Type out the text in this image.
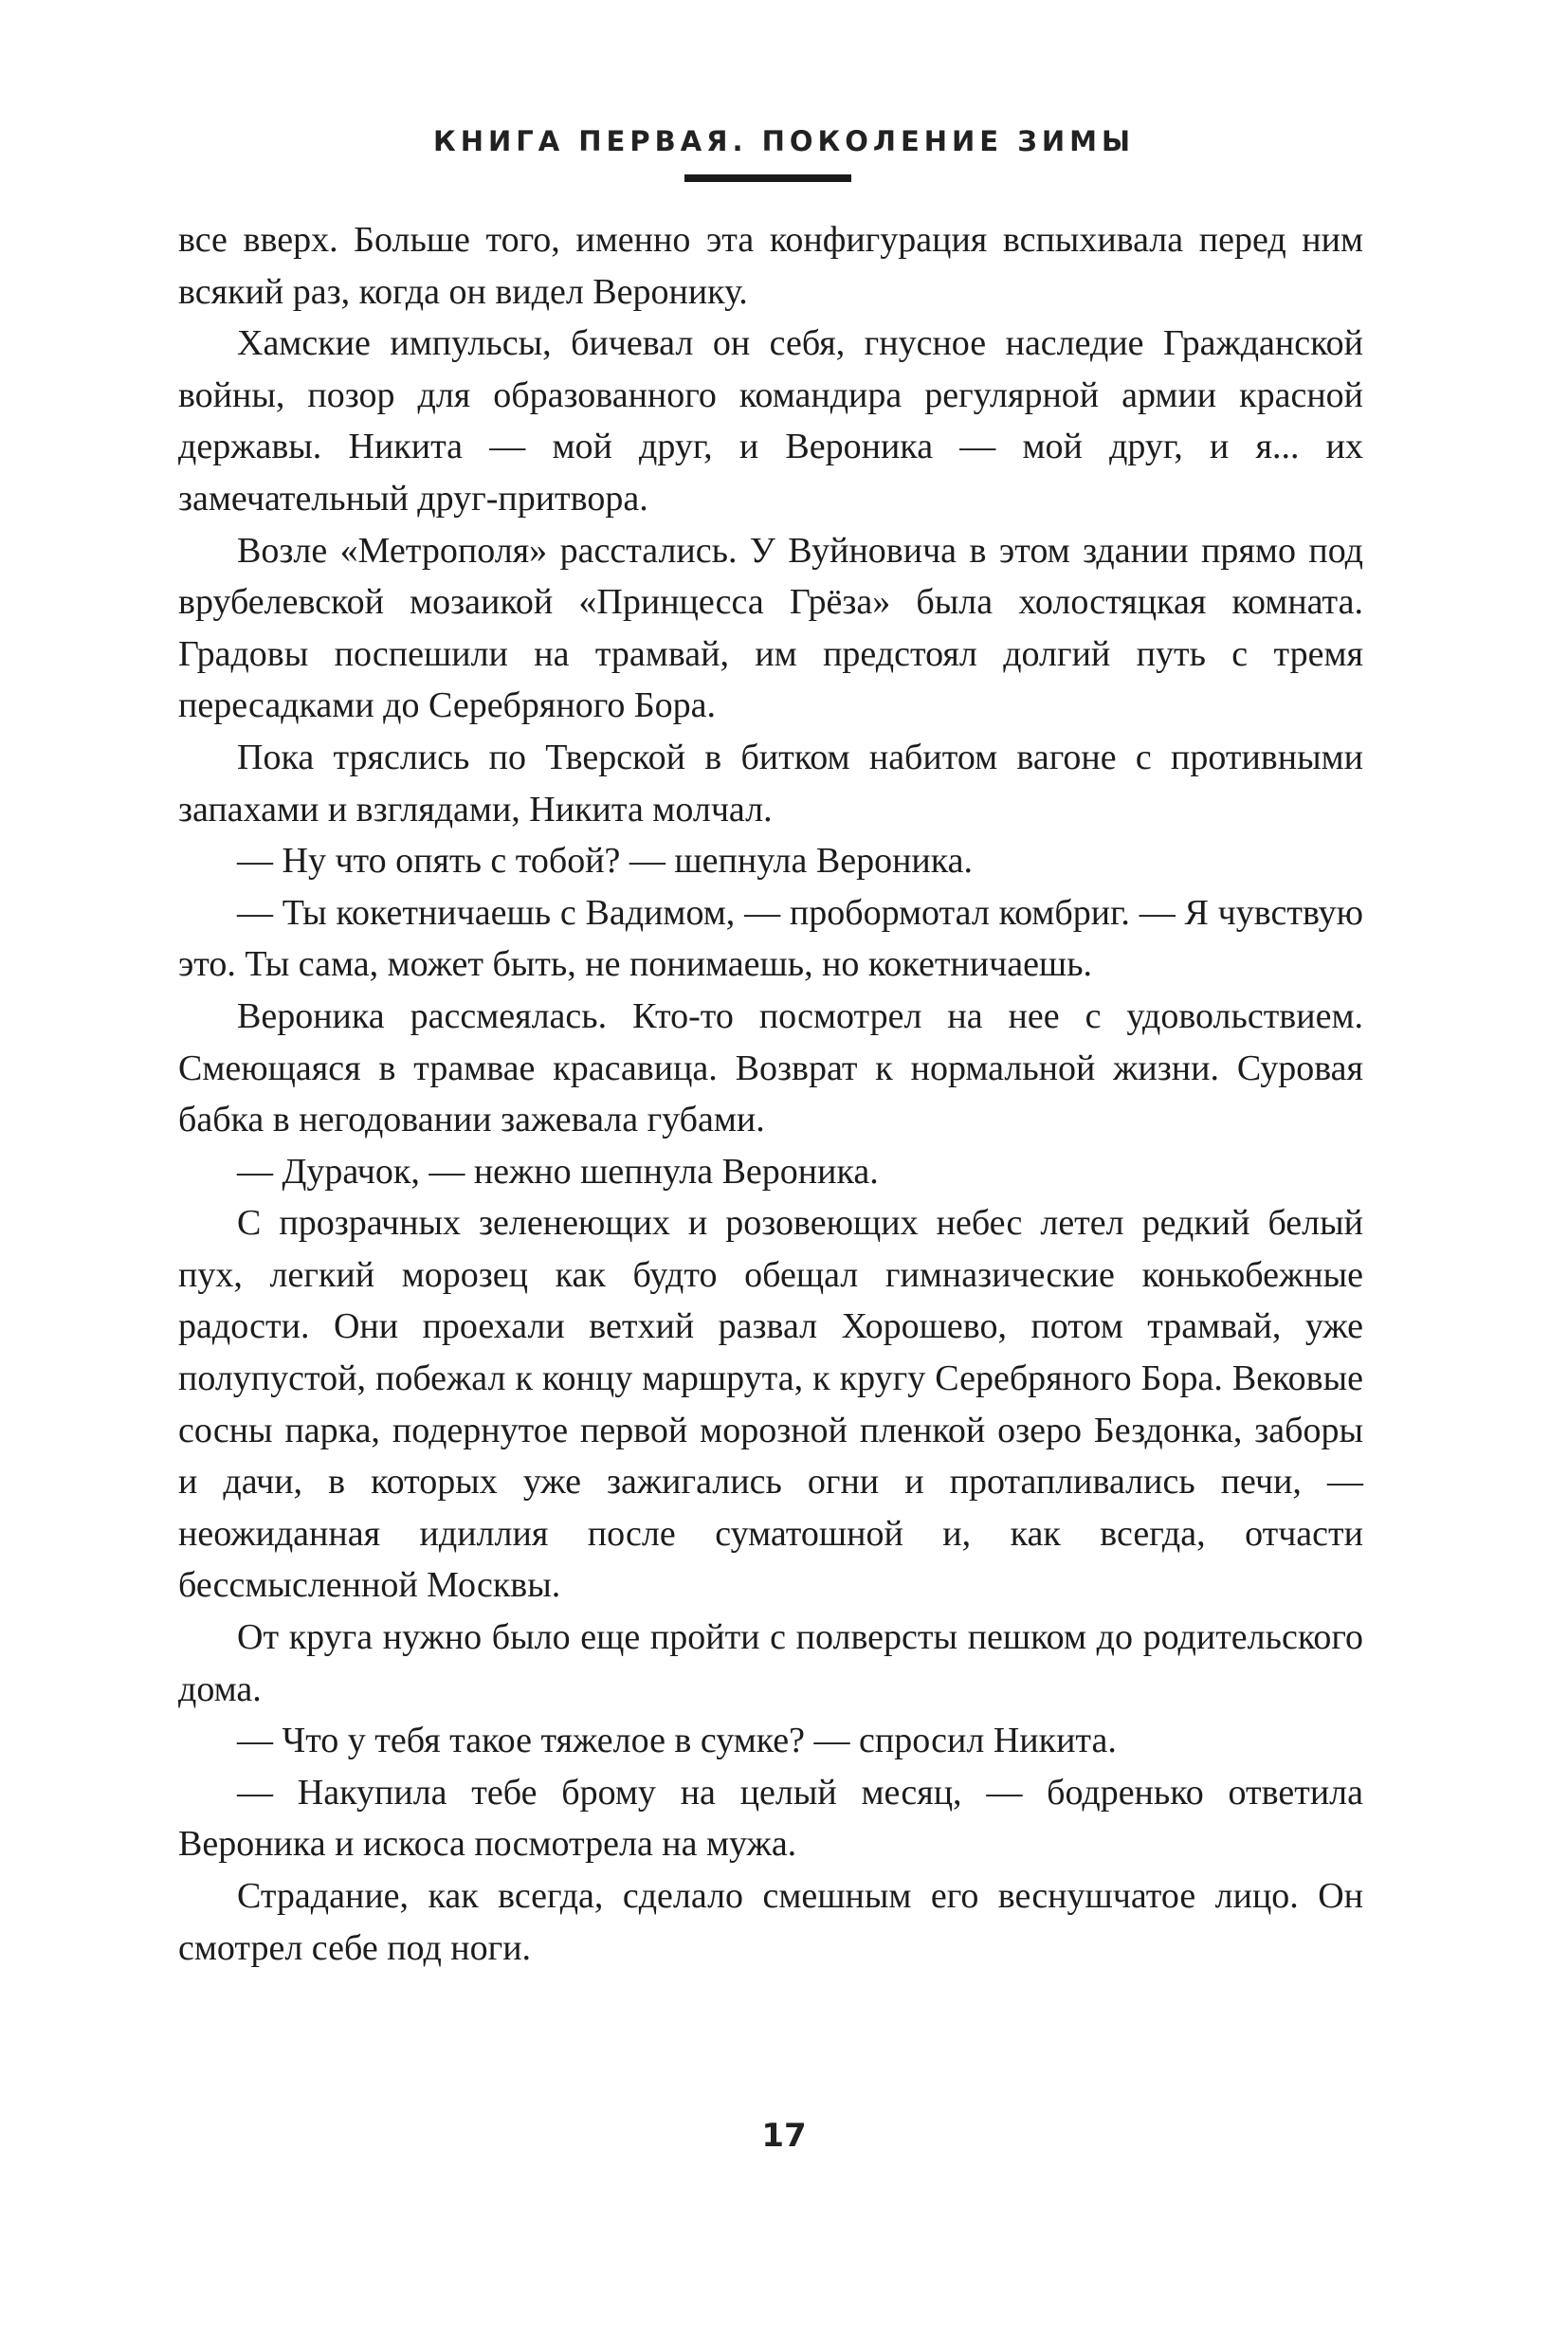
КНИГА ПЕРВАЯ. ПОКОЛЕНИЕ ЗИМЫ

все вверх. Больше того, именно эта конфигурация вспыхивала перед ним всякий раз, когда он видел Веронику.

Хамские импульсы, бичевал он себя, гнусное наследие Гражданской войны, позор для образованного командира регулярной армии красной державы. Никита — мой друг, и Вероника — мой друг, и я... их замечательный друг-притвора.

Возле «Метрополя» расстались. У Вуйновича в этом здании прямо под врубелевской мозаикой «Принцесса Грёза» была холостяцкая комната. Градовы поспешили на трамвай, им предстоял долгий путь с тремя пересадками до Серебряного Бора.

Пока тряслись по Тверской в битком набитом вагоне с противными запахами и взглядами, Никита молчал.

— Ну что опять с тобой? — шепнула Вероника.

— Ты кокетничаешь с Вадимом, — пробормотал комбриг. — Я чувствую это. Ты сама, может быть, не понимаешь, но кокетничаешь.

Вероника рассмеялась. Кто-то посмотрел на нее с удовольствием. Смеющаяся в трамвае красавица. Возврат к нормальной жизни. Суровая бабка в негодовании зажевала губами.

— Дурачок, — нежно шепнула Вероника.

С прозрачных зеленеющих и розовеющих небес летел редкий белый пух, легкий морозец как будто обещал гимназические конькобежные радости. Они проехали ветхий развал Хорошево, потом трамвай, уже полупустой, побежал к концу маршрута, к кругу Серебряного Бора. Вековые сосны парка, подернутое первой морозной пленкой озеро Бездонка, заборы и дачи, в которых уже зажигались огни и протапливались печи, — неожиданная идиллия после суматошной и, как всегда, отчасти бессмысленной Москвы.

От круга нужно было еще пройти с полверсты пешком до родительского дома.

— Что у тебя такое тяжелое в сумке? — спросил Никита.

— Накупила тебе брому на целый месяц, — бодренько ответила Вероника и искоса посмотрела на мужа.

Страдание, как всегда, сделало смешным его веснушчатое лицо. Он смотрел себе под ноги.

17
